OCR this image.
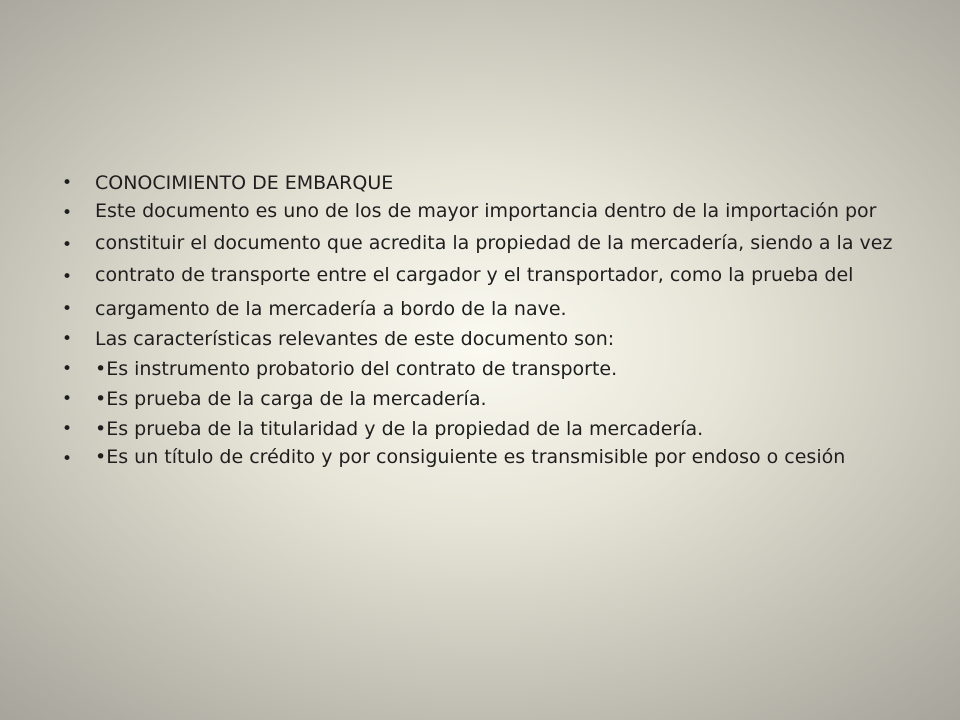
• CONOCIMIENTO DE EMBARQUE
• Este documento es uno de los de mayor importancia dentro de la importación por
• constituir el documento que acredita la propiedad de la mercadería, siendo a la vez
• contrato de transporte entre el cargador y el transportador, como la prueba del
• cargamento de la mercadería a bordo de la nave.
• Las características relevantes de este documento son:
• •Es instrumento probatorio del contrato de transporte.
• •Es prueba de la carga de la mercadería.
• •Es prueba de la titularidad y de la propiedad de la mercadería.
• •Es un título de crédito y por consiguiente es transmisible por endoso o cesión
